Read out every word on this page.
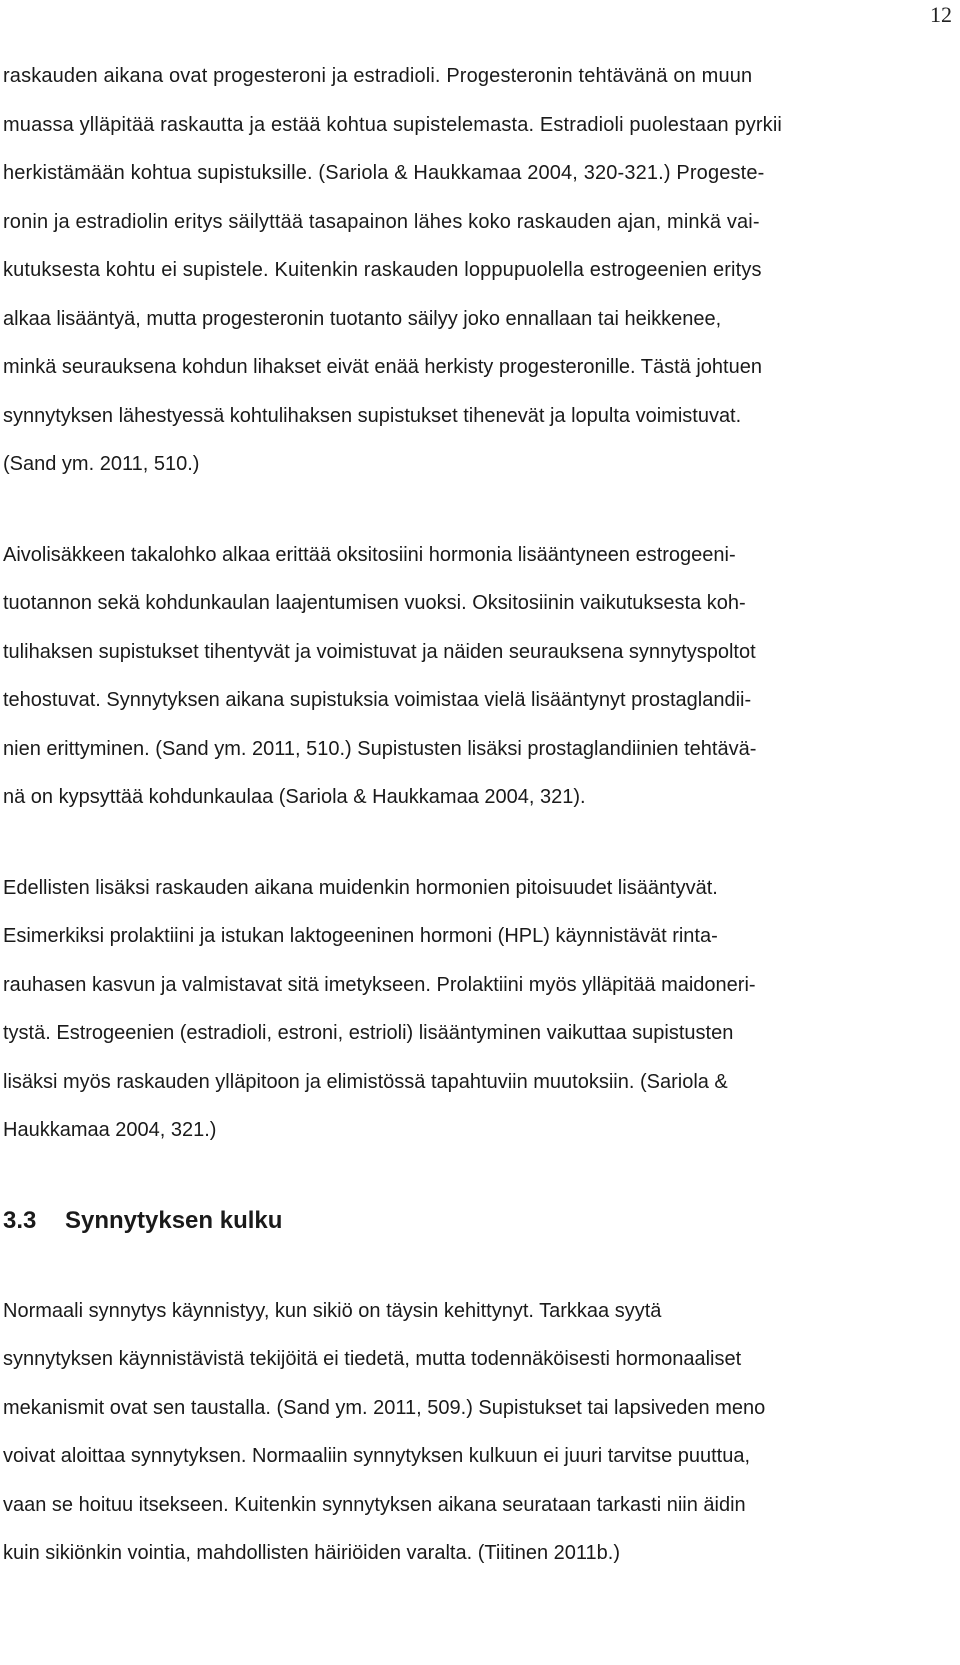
12
raskauden aikana ovat progesteroni ja estradioli. Progesteronin tehtävänä on muun
muassa ylläpitää raskautta ja estää kohtua supistelemasta. Estradioli puolestaan pyrkii
herkistämään kohtua supistuksille. (Sariola & Haukkamaa 2004, 320-321.) Progeste-
ronin ja estradiolin eritys säilyttää tasapainon lähes koko raskauden ajan, minkä vai-
kutuksesta kohtu ei supistele. Kuitenkin raskauden loppupuolella estrogeenien eritys
alkaa lisääntyä, mutta progesteronin tuotanto säilyy joko ennallaan tai heikkenee,
minkä seurauksena kohdun lihakset eivät enää herkisty progesteronille. Tästä johtuen
synnytyksen lähestyessä kohtulihaksen supistukset tihenevät ja lopulta voimistuvat.
(Sand ym. 2011, 510.)
Aivolisäkkeen takalohko alkaa erittää oksitosiini hormonia lisääntyneen estrogeeni-
tuotannon sekä kohdunkaulan laajentumisen vuoksi. Oksitosiinin vaikutuksesta koh-
tulihaksen supistukset tihentyvät ja voimistuvat ja näiden seurauksena synnytyspoltot
tehostuvat. Synnytyksen aikana supistuksia voimistaa vielä lisääntynyt prostaglandii-
nien erittyminen. (Sand ym. 2011, 510.) Supistusten lisäksi prostaglandiinien tehtävä-
nä on kypsyttää kohdunkaulaa (Sariola & Haukkamaa 2004, 321).
Edellisten lisäksi raskauden aikana muidenkin hormonien pitoisuudet lisääntyvät.
Esimerkiksi prolaktiini ja istukan laktogeeninen hormoni (HPL) käynnistävät rinta-
rauhasen kasvun ja valmistavat sitä imetykseen. Prolaktiini myös ylläpitää maidoneri-
tystä. Estrogeenien (estradioli, estroni, estrioli) lisääntyminen vaikuttaa supistusten
lisäksi myös raskauden ylläpitoon ja elimistössä tapahtuviin muutoksiin. (Sariola &
Haukkamaa 2004, 321.)
3.3 Synnytyksen kulku
Normaali synnytys käynnistyy, kun sikiö on täysin kehittynyt. Tarkkaa syytä
synnytyksen käynnistävistä tekijöitä ei tiedetä, mutta todennäköisesti hormonaaliset
mekanismit ovat sen taustalla. (Sand ym. 2011, 509.) Supistukset tai lapsiveden meno
voivat aloittaa synnytyksen. Normaaliin synnytyksen kulkuun ei juuri tarvitse puuttua,
vaan se hoituu itsekseen. Kuitenkin synnytyksen aikana seurataan tarkasti niin äidin
kuin sikiönkin vointia, mahdollisten häiriöiden varalta. (Tiitinen 2011b.)
